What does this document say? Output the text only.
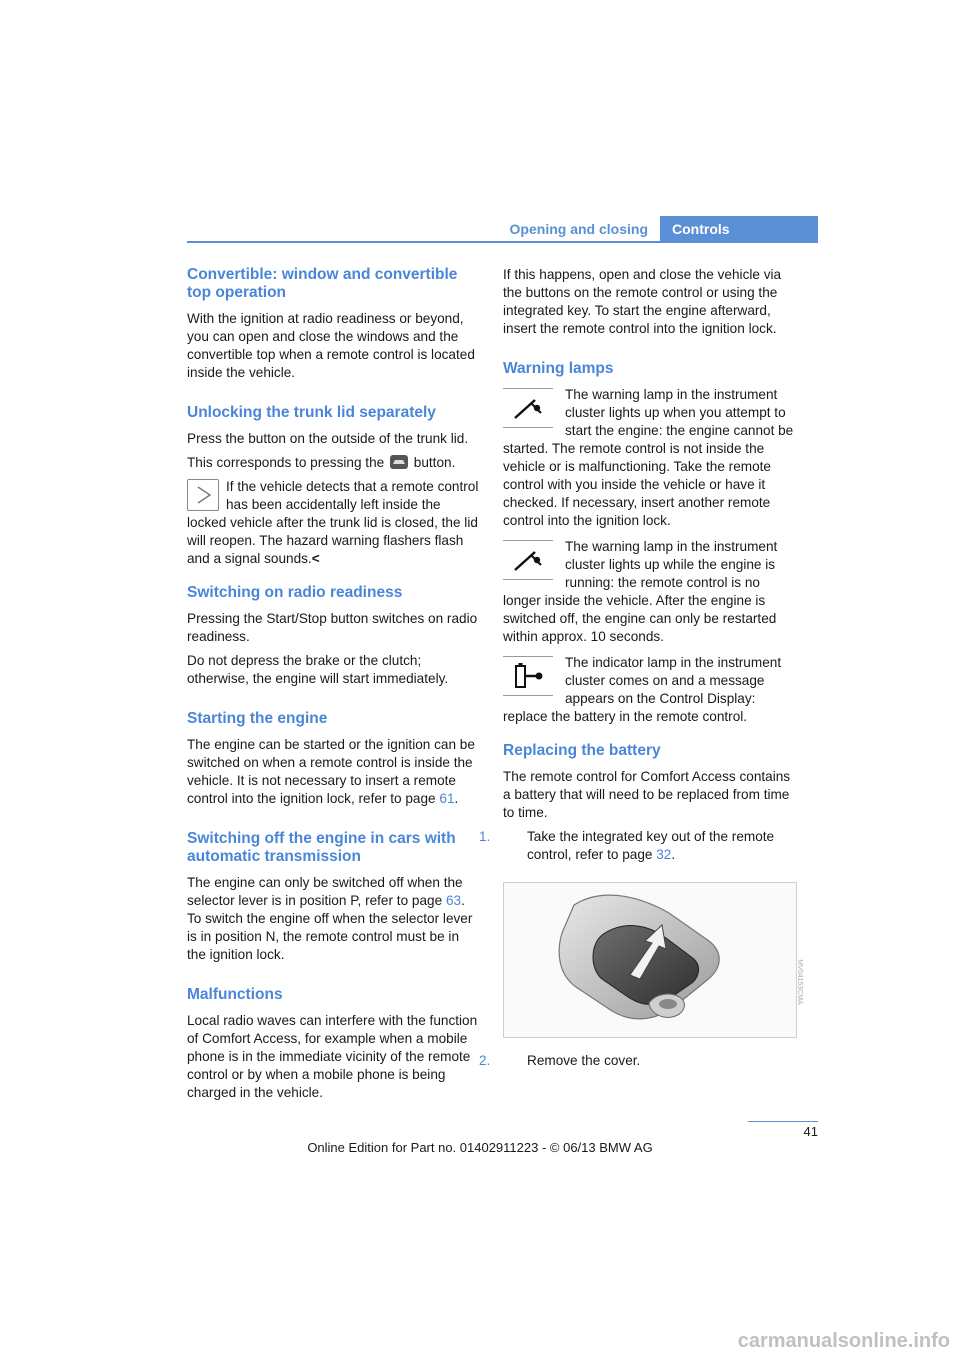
Opening and closing	Controls
Convertible: window and convertible top operation

With the ignition at radio readiness or beyond, you can open and close the windows and the convertible top when a remote control is located inside the vehicle.

Unlocking the trunk lid separately

Press the button on the outside of the trunk lid.

This corresponds to pressing the button.

If the vehicle detects that a remote control has been accidentally left inside the locked vehicle after the trunk lid is closed, the lid will reopen. The hazard warning flashers flash and a signal sounds.<
Switching on radio readiness

Pressing the Start/Stop button switches on radio readiness.

Do not depress the brake or the clutch; otherwise, the engine will start immediately.

Starting the engine

The engine can be started or the ignition can be switched on when a remote control is inside the vehicle. It is not necessary to insert a remote control into the ignition lock, refer to page 61.

Switching off the engine in cars with automatic transmission

The engine can only be switched off when the selector lever is in position P, refer to page 63. To switch the engine off when the selector lever is in position N, the remote control must be in the ignition lock.

Malfunctions

Local radio waves can interfere with the function of Comfort Access, for example when a mobile phone is in the immediate vicinity of the remote control or by when a mobile phone is being charged in the vehicle.

If this happens, open and close the vehicle via the buttons on the remote control or using the integrated key. To start the engine afterward, insert the remote control into the ignition lock.

Warning lamps
The warning lamp in the instrument cluster lights up when you attempt to start the engine: the engine cannot be started. The remote control is not inside the vehicle or is malfunctioning. Take the remote control with you inside the vehicle or have it checked. If necessary, insert another remote control into the ignition lock.
The warning lamp in the instrument cluster lights up while the engine is running: the remote control is no longer inside the vehicle. After the engine is switched off, the engine can only be restarted within approx. 10 seconds.
The indicator lamp in the instrument cluster comes on and a message appears on the Control Display: replace the battery in the remote control.
Replacing the battery

The remote control for Comfort Access contains a battery that will need to be replaced from time to time.

1.	Take the integrated key out of the remote control, refer to page 32.

MV04153CMA

2.	Remove the cover.

41
Online Edition for Part no. 01402911223 - © 06/13 BMW AG
carmanualsonline.info
